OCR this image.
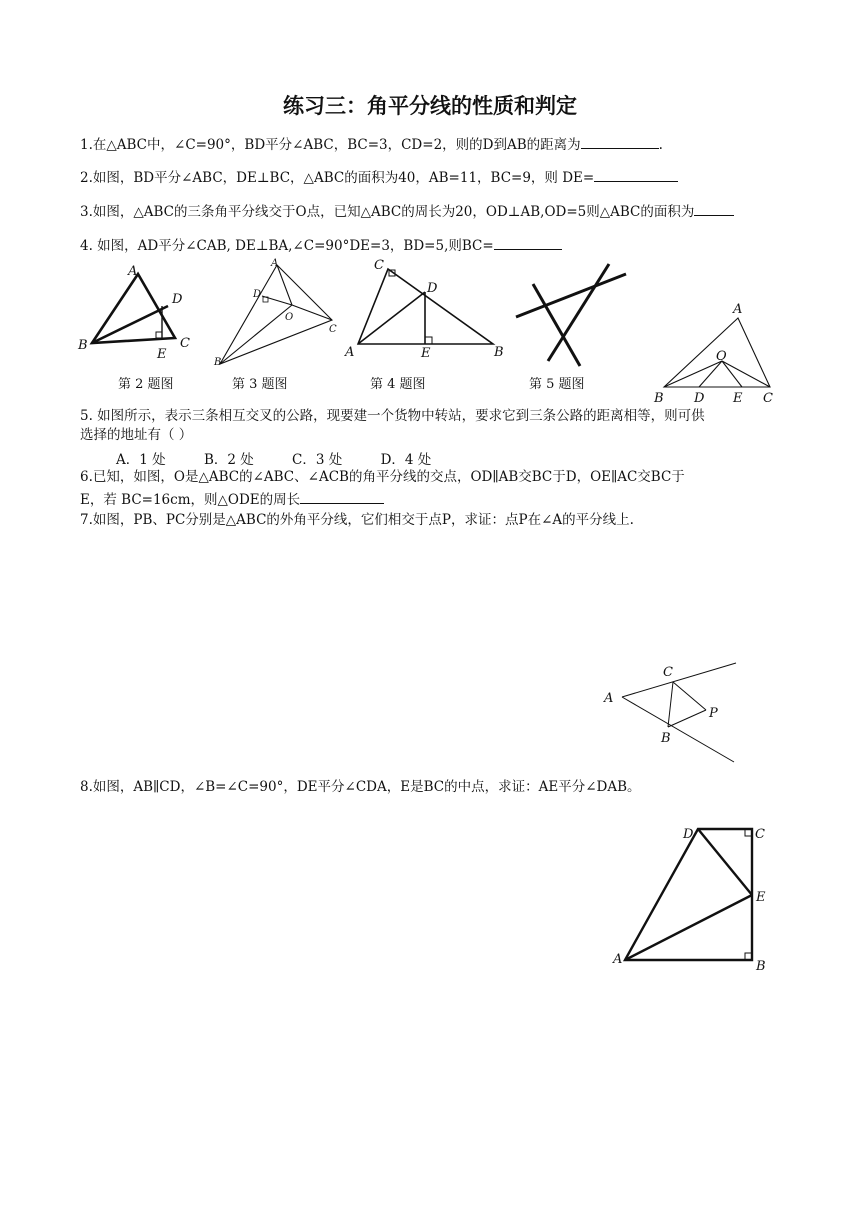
练习三：角平分线的性质和判定
1.在△ABC中，∠C=90°，BD平分∠ABC，BC=3，CD=2，则的D到AB的距离为	.
2.如图，BD平分∠ABC，DE⊥BC，△ABC的面积为40，AB=11，BC=9，则 DE=
3.如图，△ABC的三条角平分线交于O点，已知△ABC的周长为20，OD⊥AB,OD=5则△ABC的面积为
4. 如图，AD平分∠CAB, DE⊥BA,∠C=90°DE=3，BD=5,则BC=
A
D
B
E
C
A
D
O
C
B
C
D
A	E	B
A
O
B D E C
C
A
P
B
D	C
E
A	B
第 2 题图	第 3 题图	第 4 题图	第 5 题图
5. 如图所示，表示三条相互交叉的公路，现要建一个货物中转站，要求它到三条公路的距离相等，则可供
选择的地址有（ ）
A．1 处	B．2 处	C．3 处	D．4 处
6.已知，如图，O是△ABC的∠ABC、∠ACB的角平分线的交点，OD∥AB交BC于D，OE∥AC交BC于
E，若 BC=16cm，则△ODE的周长
7.如图，PB、PC分别是△ABC的外角平分线，它们相交于点P，求证：点P在∠A的平分线上.
8.如图，AB∥CD，∠B=∠C=90°，DE平分∠CDA，E是BC的中点，求证：AE平分∠DAB。
